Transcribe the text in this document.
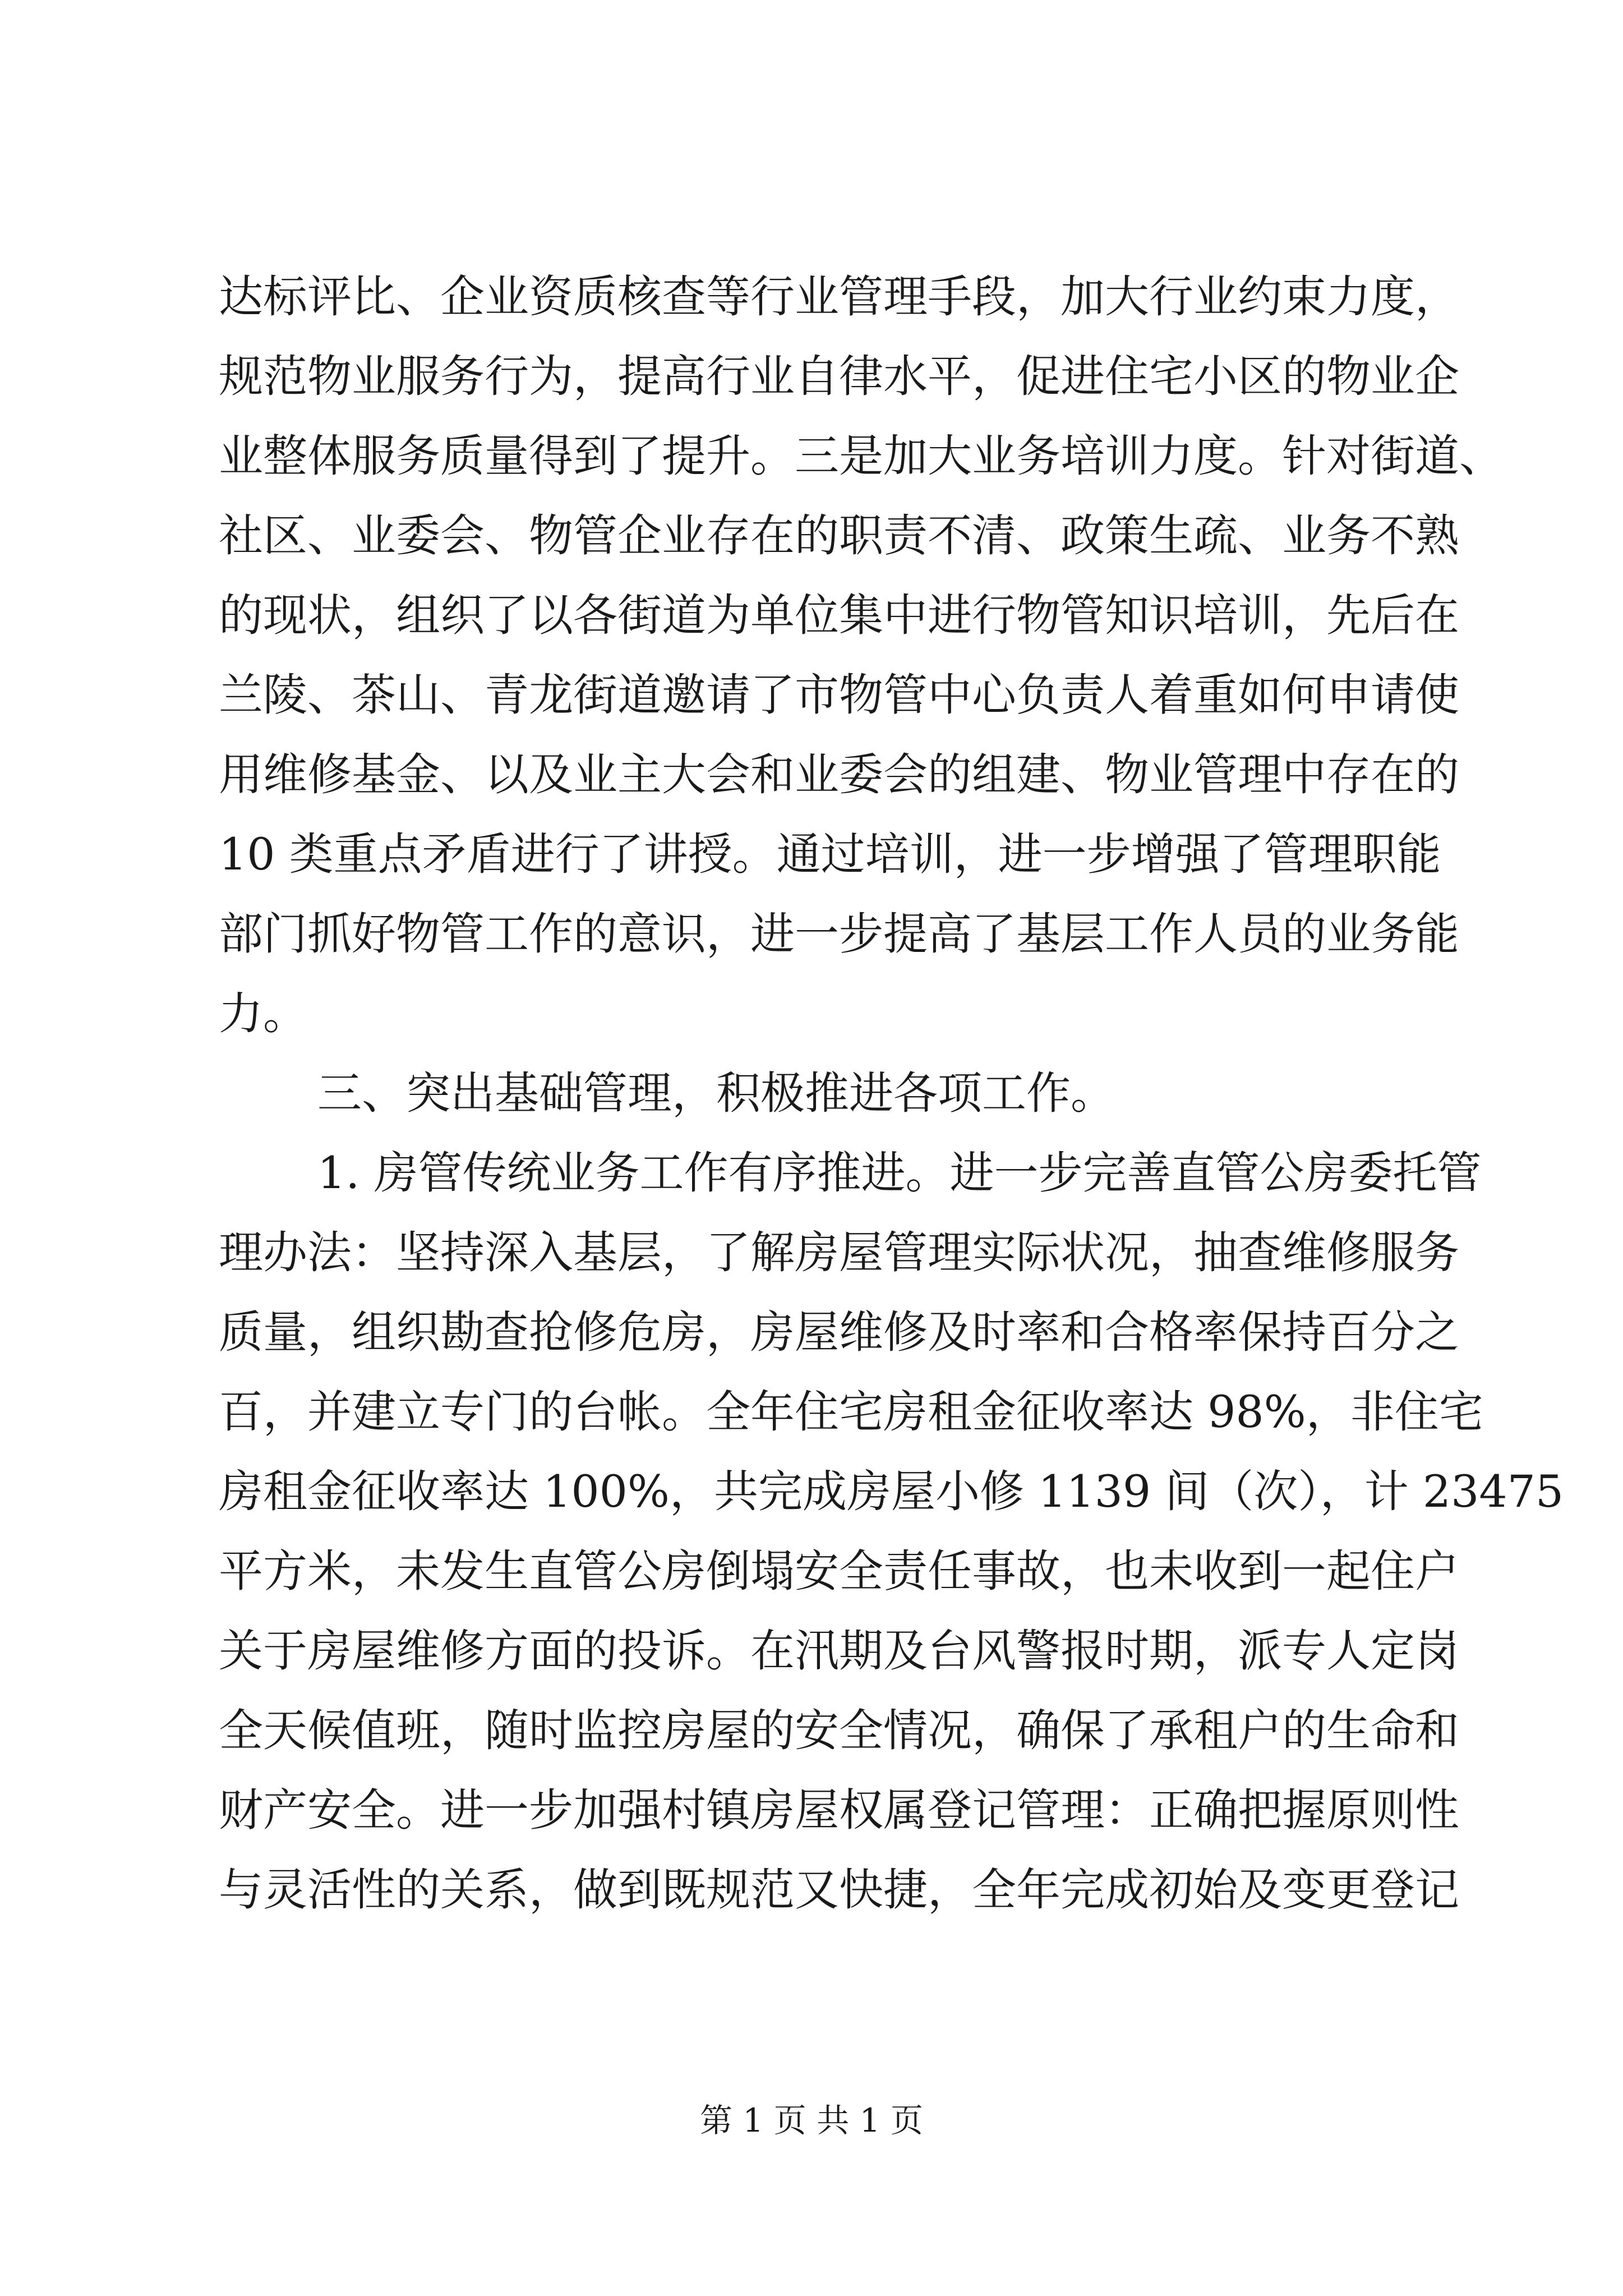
达标评比、企业资质核查等行业管理手段，加大行业约束力度，
规范物业服务行为，提高行业自律水平，促进住宅小区的物业企
业整体服务质量得到了提升。三是加大业务培训力度。针对街道、
社区、业委会、物管企业存在的职责不清、政策生疏、业务不熟
的现状，组织了以各街道为单位集中进行物管知识培训，先后在
兰陵、茶山、青龙街道邀请了市物管中心负责人着重如何申请使
用维修基金、以及业主大会和业委会的组建、物业管理中存在的
10 类重点矛盾进行了讲授。通过培训，进一步增强了管理职能
部门抓好物管工作的意识，进一步提高了基层工作人员的业务能
力。
三、突出基础管理，积极推进各项工作。
1. 房管传统业务工作有序推进。进一步完善直管公房委托管
理办法：坚持深入基层，了解房屋管理实际状况，抽查维修服务
质量，组织勘查抢修危房，房屋维修及时率和合格率保持百分之
百，并建立专门的台帐。全年住宅房租金征收率达 98%，非住宅
房租金征收率达 100%，共完成房屋小修 1139 间（次），计 23475
平方米，未发生直管公房倒塌安全责任事故，也未收到一起住户
关于房屋维修方面的投诉。在汛期及台风警报时期，派专人定岗
全天候值班，随时监控房屋的安全情况，确保了承租户的生命和
财产安全。进一步加强村镇房屋权属登记管理：正确把握原则性
与灵活性的关系，做到既规范又快捷，全年完成初始及变更登记
第 1 页 共 1 页
